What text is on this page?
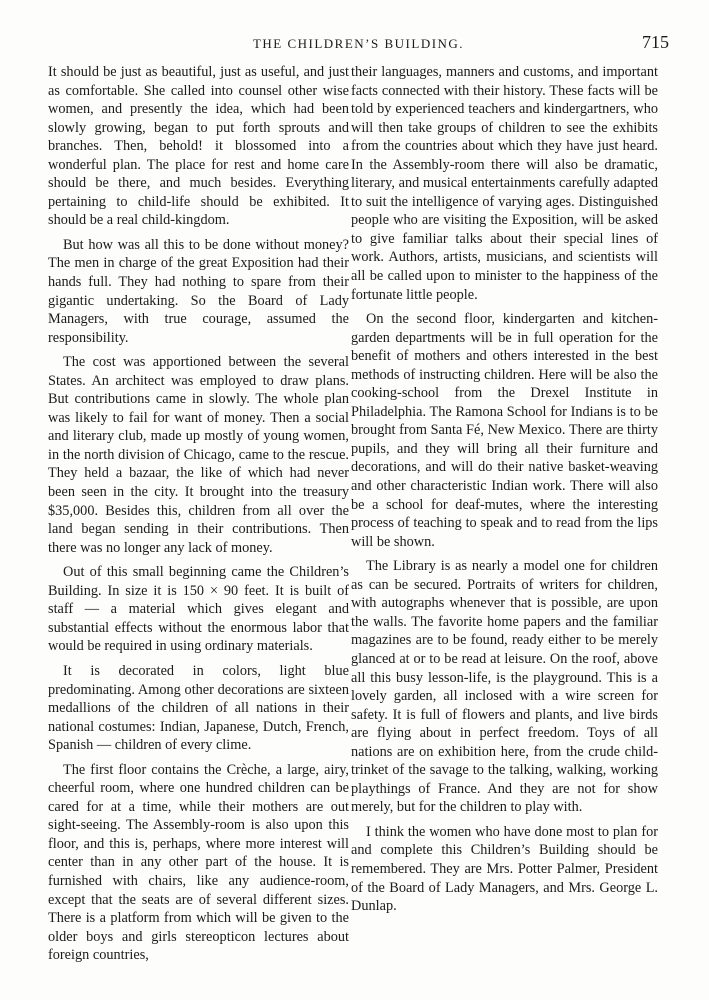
THE CHILDREN’S BUILDING.	715

It should be just as beautiful, just as useful, and just as comfortable. She called into counsel other wise women, and presently the idea, which had been slowly growing, began to put forth sprouts and branches. Then, behold! it blossomed into a wonderful plan. The place for rest and home care should be there, and much besides. Everything pertaining to child-life should be exhibited. It should be a real child-kingdom.

But how was all this to be done without money? The men in charge of the great Exposition had their hands full. They had nothing to spare from their gigantic undertaking. So the Board of Lady Managers, with true courage, assumed the responsibility.

The cost was apportioned between the several States. An architect was employed to draw plans. But contributions came in slowly. The whole plan was likely to fail for want of money. Then a social and literary club, made up mostly of young women, in the north division of Chicago, came to the rescue. They held a bazaar, the like of which had never been seen in the city. It brought into the treasury $35,000. Besides this, children from all over the land began sending in their contributions. Then there was no longer any lack of money.

Out of this small beginning came the Children’s Building. In size it is 150 × 90 feet. It is built of staff — a material which gives elegant and substantial effects without the enormous labor that would be required in using ordinary materials.

It is decorated in colors, light blue predominating. Among other decorations are sixteen medallions of the children of all nations in their national costumes: Indian, Japanese, Dutch, French, Spanish — children of every clime.

The first floor contains the Crèche, a large, airy, cheerful room, where one hundred children can be cared for at a time, while their mothers are out sight-seeing. The Assembly-room is also upon this floor, and this is, perhaps, where more interest will center than in any other part of the house. It is furnished with chairs, like any audience-room, except that the seats are of several different sizes. There is a platform from which will be given to the older boys and girls stereopticon lectures about foreign countries,

their languages, manners and customs, and important facts connected with their history. These facts will be told by experienced teachers and kindergartners, who will then take groups of children to see the exhibits from the countries about which they have just heard. In the Assembly-room there will also be dramatic, literary, and musical entertainments carefully adapted to suit the intelligence of varying ages. Distinguished people who are visiting the Exposition, will be asked to give familiar talks about their special lines of work. Authors, artists, musicians, and scientists will all be called upon to minister to the happiness of the fortunate little people.

On the second floor, kindergarten and kitchen-garden departments will be in full operation for the benefit of mothers and others interested in the best methods of instructing children. Here will be also the cooking-school from the Drexel Institute in Philadelphia. The Ramona School for Indians is to be brought from Santa Fé, New Mexico. There are thirty pupils, and they will bring all their furniture and decorations, and will do their native basket-weaving and other characteristic Indian work. There will also be a school for deaf-mutes, where the interesting process of teaching to speak and to read from the lips will be shown.

The Library is as nearly a model one for children as can be secured. Portraits of writers for children, with autographs whenever that is possible, are upon the walls. The favorite home papers and the familiar magazines are to be found, ready either to be merely glanced at or to be read at leisure. On the roof, above all this busy lesson-life, is the playground. This is a lovely garden, all inclosed with a wire screen for safety. It is full of flowers and plants, and live birds are flying about in perfect freedom. Toys of all nations are on exhibition here, from the crude child-trinket of the savage to the talking, walking, working playthings of France. And they are not for show merely, but for the children to play with.

I think the women who have done most to plan for and complete this Children’s Building should be remembered. They are Mrs. Potter Palmer, President of the Board of Lady Managers, and Mrs. George L. Dunlap.
